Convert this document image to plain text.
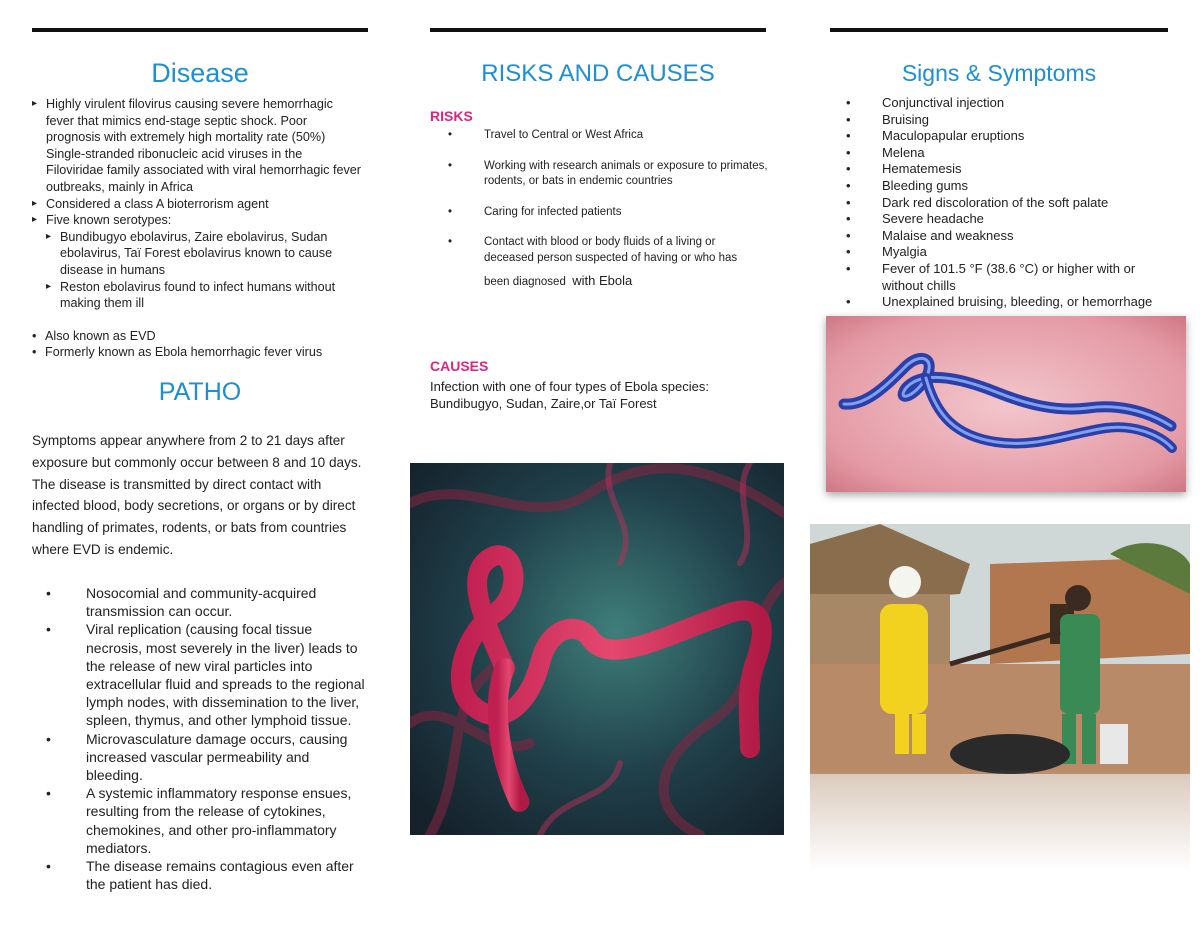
Disease
▸ Highly virulent filovirus causing severe hemorrhagic fever that mimics end-stage septic shock. Poor prognosis with extremely high mortality rate (50%) Single-stranded ribonucleic acid viruses in the Filoviridae family associated with viral hemorrhagic fever outbreaks, mainly in Africa
▸ Considered a class A bioterrorism agent
▸ Five known serotypes:
▸ Bundibugyo ebolavirus, Zaire ebolavirus, Sudan ebolavirus, Taï Forest ebolavirus known to cause disease in humans
▸ Reston ebolavirus found to infect humans without making them ill
• Also known as EVD
• Formerly known as Ebola hemorrhagic fever virus
PATHO

Symptoms appear anywhere from 2 to 21 days after exposure but commonly occur between 8 and 10 days. The disease is transmitted by direct contact with infected blood, body secretions, or organs or by direct handling of primates, rodents, or bats from countries where EVD is endemic.

•	Nosocomial and community-acquired transmission can occur.
•	Viral replication (causing focal tissue necrosis, most severely in the liver) leads to the release of new viral particles into extracellular fluid and spreads to the regional lymph nodes, with dissemination to the liver, spleen, thymus, and other lymphoid tissue.
•	Microvasculature damage occurs, causing increased vascular permeability and bleeding.
•	A systemic inflammatory response ensues, resulting from the release of cytokines, chemokines, and other pro-inflammatory mediators.
•	The disease remains contagious even after the patient has died.
RISKS AND CAUSES
RISKS
•	Travel to Central or West Africa
•	Working with research animals or exposure to primates, rodents, or bats in endemic countries
•	Caring for infected patients
•	Contact with blood or body fluids of a living or deceased person suspected of having or who has
been diagnosed with Ebola
CAUSES

Infection with one of four types of Ebola species: Bundibugyo, Sudan, Zaire,or Taï Forest

Signs & Symptoms
• Conjunctival injection
• Bruising
• Maculopapular eruptions
• Melena
• Hematemesis
• Bleeding gums
• Dark red discoloration of the soft palate
• Severe headache
• Malaise and weakness
• Myalgia
• Fever of 101.5 °F (38.6 °C) or higher with or without chills
• Unexplained bruising, bleeding, or hemorrhage
